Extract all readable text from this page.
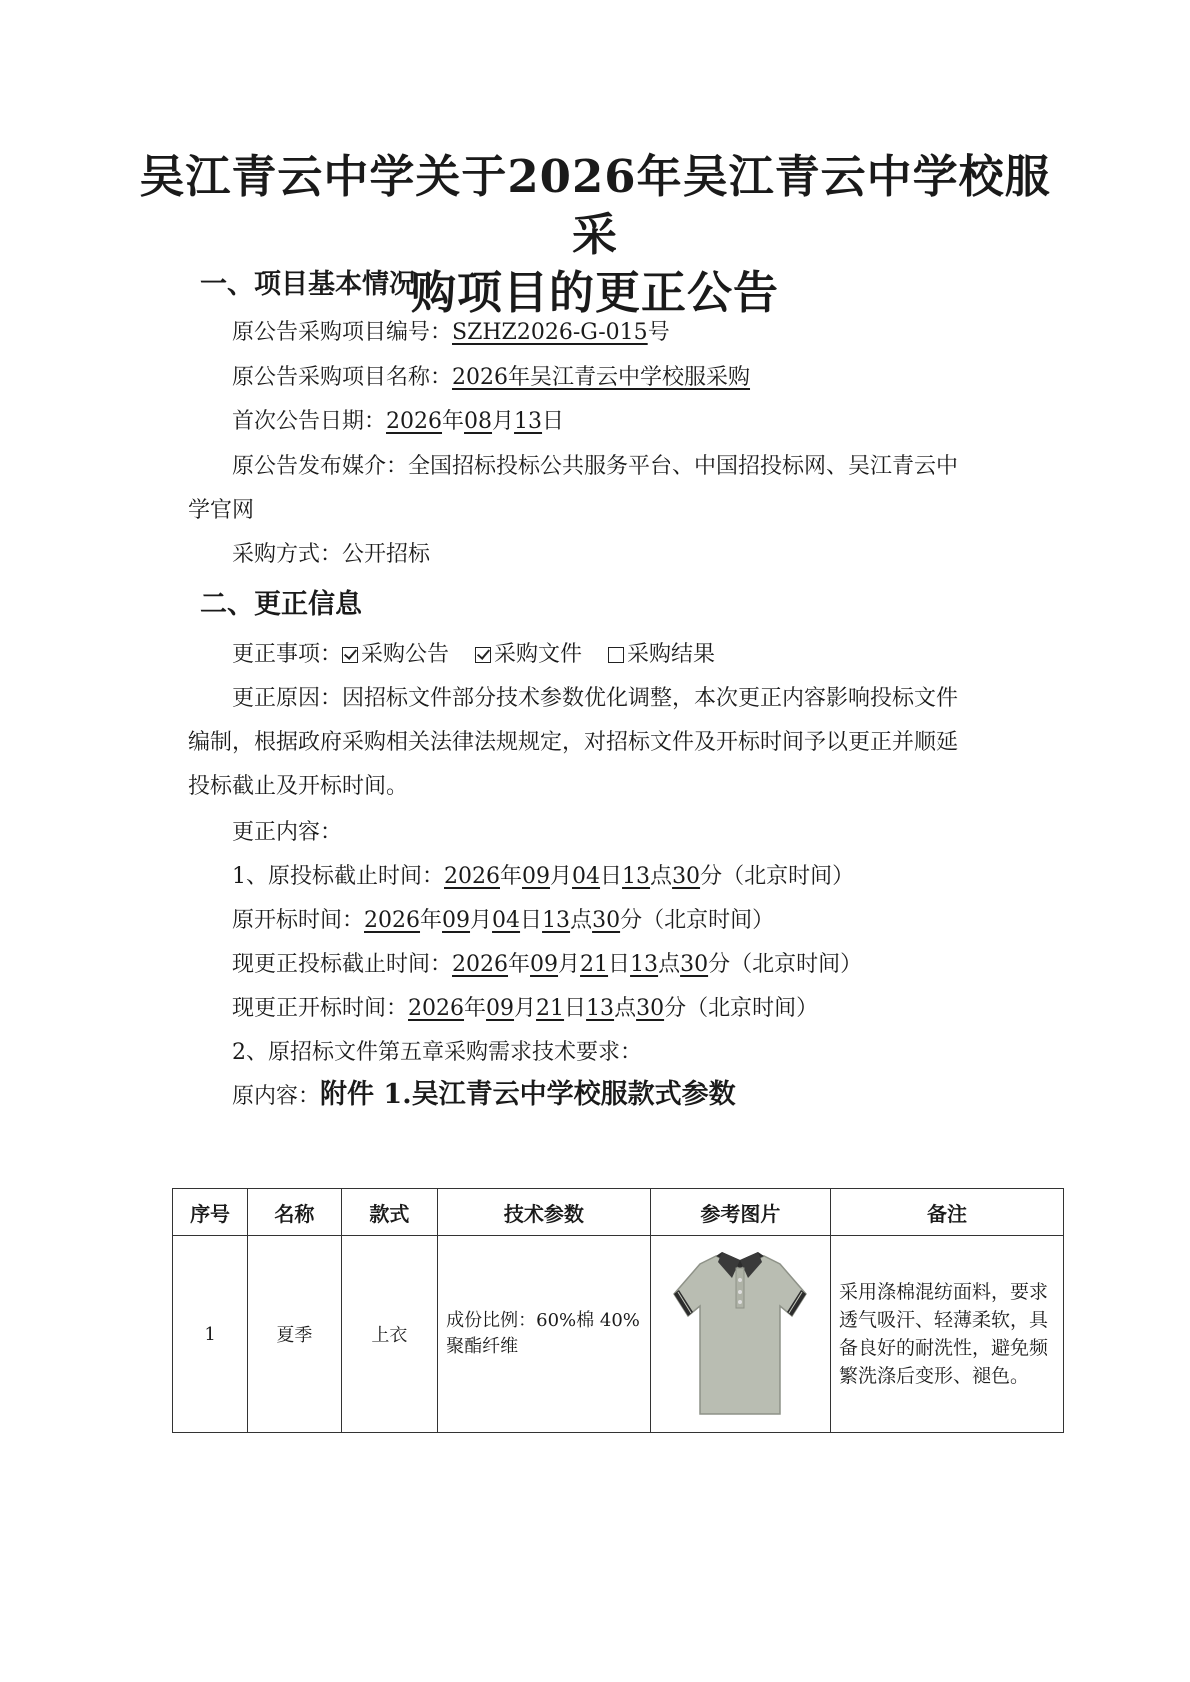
吴江青云中学关于2026年吴江青云中学校服采
购项目的更正公告
一、项目基本情况

原公告采购项目编号：SZHZ2026-G-015号

原公告采购项目名称：2026年吴江青云中学校服采购

首次公告日期：2026年08月13日

原公告发布媒介：全国招标投标公共服务平台、中国招投标网、吴江青云中

学官网

采购方式：公开招标

二、更正信息

更正事项： 采购公告 采购文件 采购结果

更正原因：因招标文件部分技术参数优化调整，本次更正内容影响投标文件

编制，根据政府采购相关法律法规规定，对招标文件及开标时间予以更正并顺延

投标截止及开标时间。

更正内容：

1、原投标截止时间：2026年09月04日13点30分（北京时间）

原开标时间：2026年09月04日13点30分（北京时间）

现更正投标截止时间：2026年09月21日13点30分（北京时间）

现更正开标时间：2026年09月21日13点30分（北京时间）

2、原招标文件第五章采购需求技术要求：

原内容：附件 1.吴江青云中学校服款式参数

序号	名称	款式	技术参数	参考图片	备注
1	夏季	上衣	成份比例：60%棉 40%聚酯纤维		采用涤棉混纺面料，要求透气吸汗、轻薄柔软，具备良好的耐洗性，避免频繁洗涤后变形、褪色。
